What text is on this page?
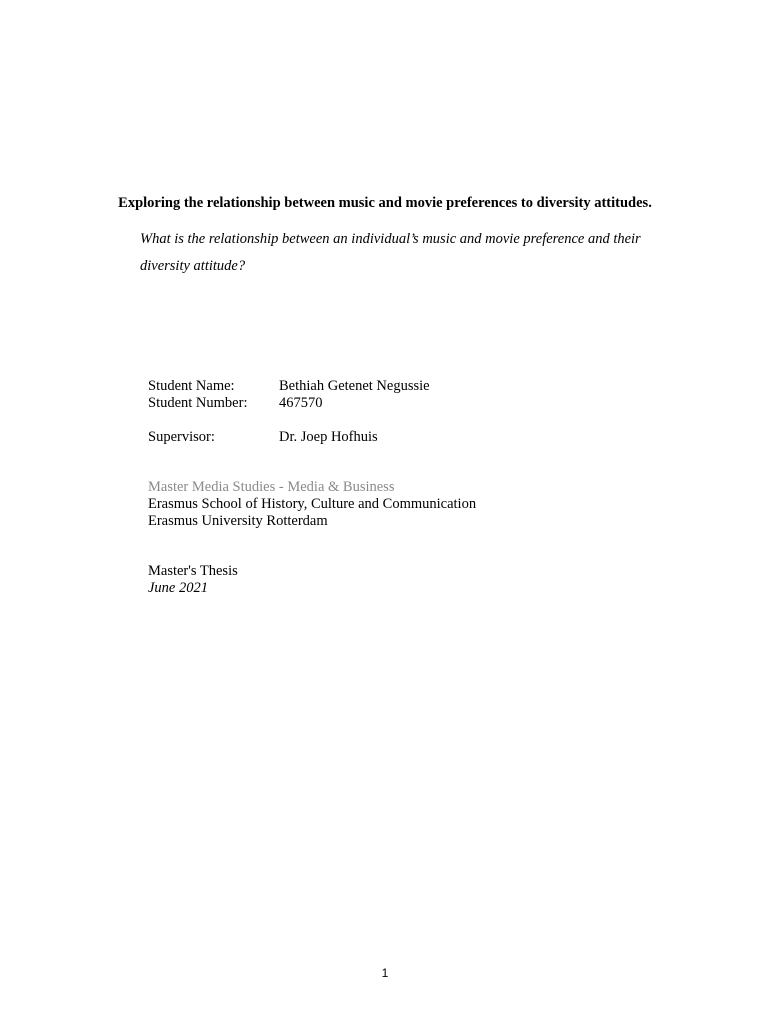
Exploring the relationship between music and movie preferences to diversity attitudes.
What is the relationship between an individual’s music and movie preference and their diversity attitude?
Student Name:	Bethiah Getenet Negussie
Student Number:	467570
Supervisor:	Dr. Joep Hofhuis
Master Media Studies - Media & Business
Erasmus School of History, Culture and Communication
Erasmus University Rotterdam
Master's Thesis
June 2021
1
